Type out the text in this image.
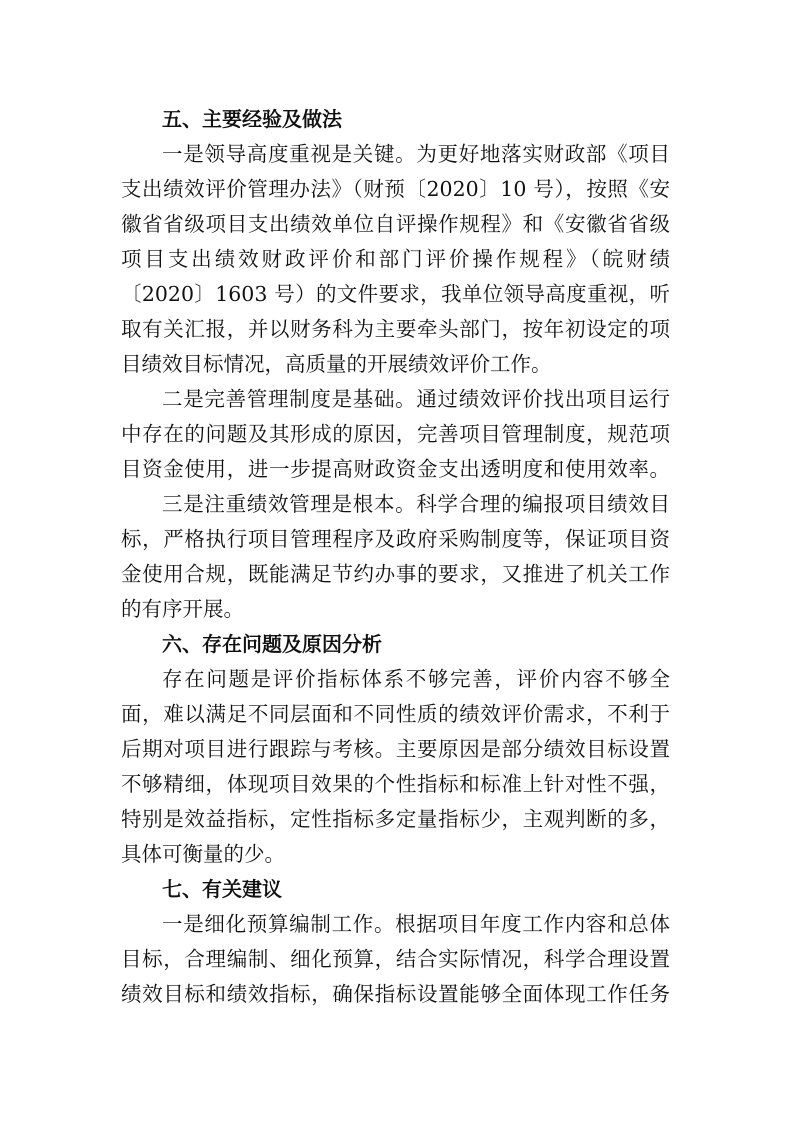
五、主要经验及做法
一是领导高度重视是关键。为更好地落实财政部《项目
支出绩效评价管理办法》（财预〔2020〕10 号），按照《安
徽省省级项目支出绩效单位自评操作规程》和《安徽省省级
项目支出绩效财政评价和部门评价操作规程》（皖财绩
〔2020〕1603 号）的文件要求，我单位领导高度重视，听
取有关汇报，并以财务科为主要牵头部门，按年初设定的项
目绩效目标情况，高质量的开展绩效评价工作。
二是完善管理制度是基础。通过绩效评价找出项目运行
中存在的问题及其形成的原因，完善项目管理制度，规范项
目资金使用，进一步提高财政资金支出透明度和使用效率。
三是注重绩效管理是根本。科学合理的编报项目绩效目
标，严格执行项目管理程序及政府采购制度等，保证项目资
金使用合规，既能满足节约办事的要求，又推进了机关工作
的有序开展。
六、存在问题及原因分析
存在问题是评价指标体系不够完善，评价内容不够全
面，难以满足不同层面和不同性质的绩效评价需求，不利于
后期对项目进行跟踪与考核。主要原因是部分绩效目标设置
不够精细，体现项目效果的个性指标和标准上针对性不强，
特别是效益指标，定性指标多定量指标少，主观判断的多，
具体可衡量的少。
七、有关建议
一是细化预算编制工作。根据项目年度工作内容和总体
目标，合理编制、细化预算，结合实际情况，科学合理设置
绩效目标和绩效指标，确保指标设置能够全面体现工作任务
